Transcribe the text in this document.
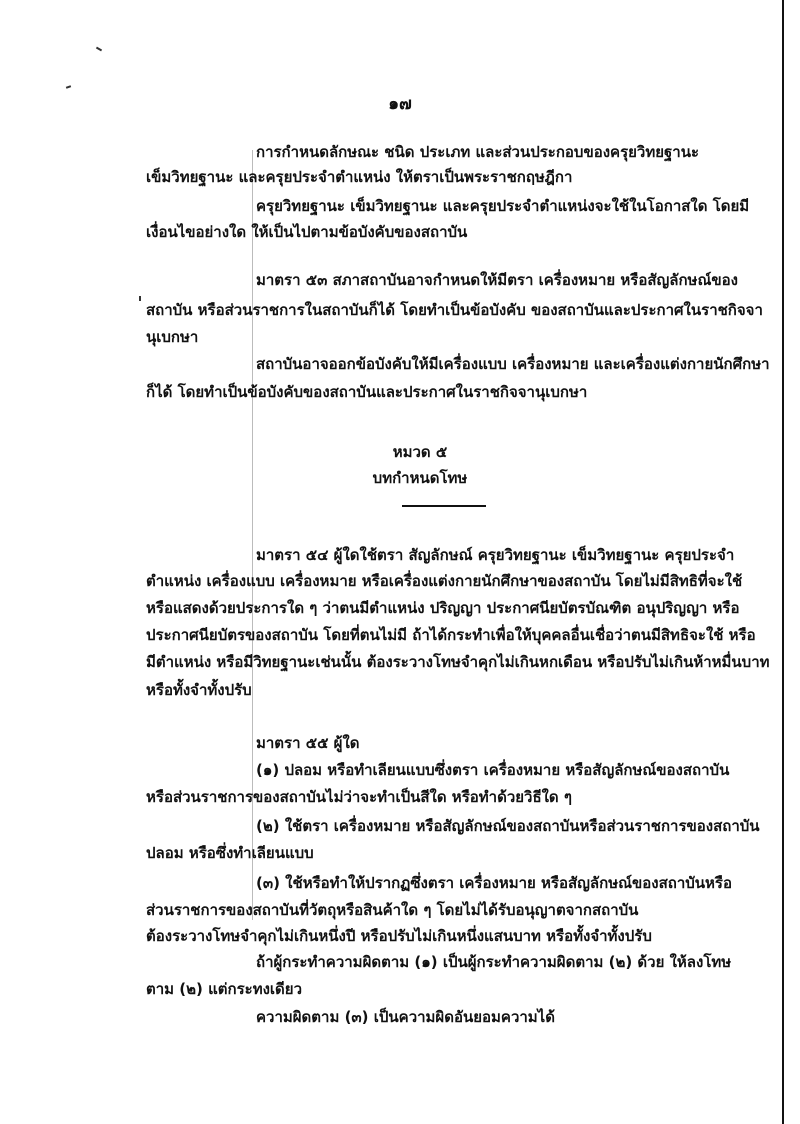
๑๗
การกำหนดลักษณะ ชนิด ประเภท และส่วนประกอบของครุยวิทยฐานะ
เข็มวิทยฐานะ และครุยประจำตำแหน่ง ให้ตราเป็นพระราชกฤษฎีกา
ครุยวิทยฐานะ เข็มวิทยฐานะ และครุยประจำตำแหน่งจะใช้ในโอกาสใด โดยมี
เงื่อนไขอย่างใด ให้เป็นไปตามข้อบังคับของสถาบัน
มาตรา ๕๓ สภาสถาบันอาจกำหนดให้มีตรา เครื่องหมาย หรือสัญลักษณ์ของ
สถาบัน หรือส่วนราชการในสถาบันก็ได้ โดยทำเป็นข้อบังคับ ของสถาบันและประกาศในราชกิจจา
นุเบกษา
สถาบันอาจออกข้อบังคับให้มีเครื่องแบบ เครื่องหมาย และเครื่องแต่งกายนักศึกษา
ก็ได้ โดยทำเป็นข้อบังคับของสถาบันและประกาศในราชกิจจานุเบกษา
หมวด ๕
บทกำหนดโทษ
มาตรา ๕๔ ผู้ใดใช้ตรา สัญลักษณ์ ครุยวิทยฐานะ เข็มวิทยฐานะ ครุยประจำ
ตำแหน่ง เครื่องแบบ เครื่องหมาย หรือเครื่องแต่งกายนักศึกษาของสถาบัน โดยไม่มีสิทธิที่จะใช้
หรือแสดงด้วยประการใด ๆ ว่าตนมีตำแหน่ง ปริญญา ประกาศนียบัตรบัณฑิต อนุปริญญา หรือ
ประกาศนียบัตรของสถาบัน โดยที่ตนไม่มี ถ้าได้กระทำเพื่อให้บุคคลอื่นเชื่อว่าตนมีสิทธิจะใช้ หรือ
มีตำแหน่ง หรือมีวิทยฐานะเช่นนั้น ต้องระวางโทษจำคุกไม่เกินหกเดือน หรือปรับไม่เกินห้าหมื่นบาท
หรือทั้งจำทั้งปรับ
มาตรา ๕๕ ผู้ใด
(๑) ปลอม หรือทำเลียนแบบซึ่งตรา เครื่องหมาย หรือสัญลักษณ์ของสถาบัน
หรือส่วนราชการของสถาบันไม่ว่าจะทำเป็นสีใด หรือทำด้วยวิธีใด ๆ
(๒) ใช้ตรา เครื่องหมาย หรือสัญลักษณ์ของสถาบันหรือส่วนราชการของสถาบัน
ปลอม หรือซึ่งทำเลียนแบบ
(๓) ใช้หรือทำให้ปรากฏซึ่งตรา เครื่องหมาย หรือสัญลักษณ์ของสถาบันหรือ
ส่วนราชการของสถาบันที่วัตถุหรือสินค้าใด ๆ โดยไม่ได้รับอนุญาตจากสถาบัน
ต้องระวางโทษจำคุกไม่เกินหนึ่งปี หรือปรับไม่เกินหนึ่งแสนบาท หรือทั้งจำทั้งปรับ
ถ้าผู้กระทำความผิดตาม (๑) เป็นผู้กระทำความผิดตาม (๒) ด้วย ให้ลงโทษ
ตาม (๒) แต่กระทงเดียว
ความผิดตาม (๓) เป็นความผิดอันยอมความได้
